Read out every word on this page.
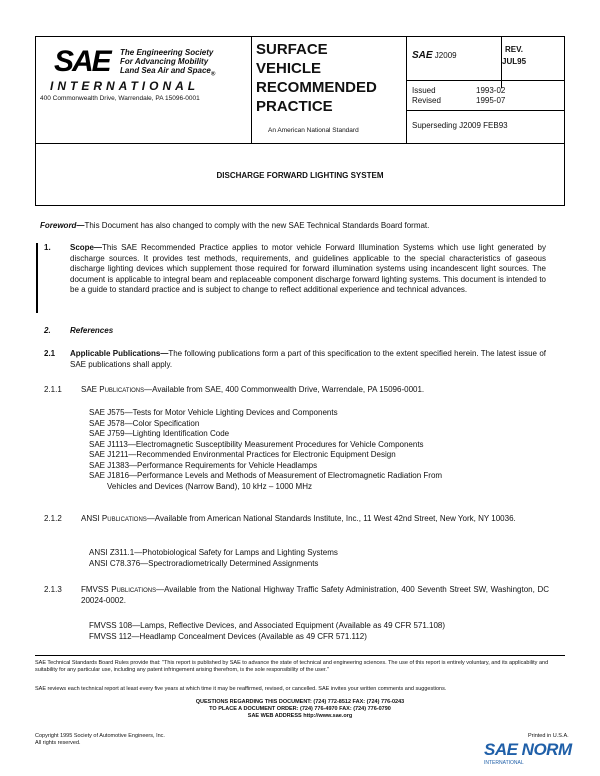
SAE The Engineering Society
For Advancing Mobility
Land Sea Air and Space$_®$
INTERNATIONAL
400 Commonwealth Drive, Warrendale, PA 15096-0001
SURFACE
VEHICLE
RECOMMENDED
PRACTICE
An American National Standard
SAE J2009
REV.
JUL95
Issued	1993-02
Revised	1995-07
Superseding J2009 FEB93
DISCHARGE FORWARD LIGHTING SYSTEM
Foreword—This Document has also changed to comply with the new SAE Technical Standards Board format.
1. Scope—This SAE Recommended Practice applies to motor vehicle Forward Illumination Systems which use light generated by discharge sources. It provides test methods, requirements, and guidelines applicable to the special characteristics of gaseous discharge lighting devices which supplement those required for forward illumination systems using incandescent light sources. The document is applicable to integral beam and replaceable component discharge forward lighting systems. This document is intended to be a guide to standard practice and is subject to change to reflect additional experience and technical advances.
2. References
2.1 Applicable Publications—The following publications form a part of this specification to the extent specified herein. The latest issue of SAE publications shall apply.
2.1.1 SAE Publications—Available from SAE, 400 Commonwealth Drive, Warrendale, PA 15096-0001.
SAE J575—Tests for Motor Vehicle Lighting Devices and Components
SAE J578—Color Specification
SAE J759—Lighting Identification Code
SAE J1113—Electromagnetic Susceptibility Measurement Procedures for Vehicle Components
SAE J1211—Recommended Environmental Practices for Electronic Equipment Design
SAE J1383—Performance Requirements for Vehicle Headlamps
SAE J1816—Performance Levels and Methods of Measurement of Electromagnetic Radiation From
Vehicles and Devices (Narrow Band), 10 kHz – 1000 MHz
2.1.2 ANSI Publications—Available from American National Standards Institute, Inc., 11 West 42nd Street, New York, NY 10036.
ANSI Z311.1—Photobiological Safety for Lamps and Lighting Systems
ANSI C78.376—Spectroradiometrically Determined Assignments
2.1.3 FMVSS Publications—Available from the National Highway Traffic Safety Administration, 400 Seventh Street SW, Washington, DC 20024-0002.
FMVSS 108—Lamps, Reflective Devices, and Associated Equipment (Available as 49 CFR 571.108)
FMVSS 112—Headlamp Concealment Devices (Available as 49 CFR 571.112)
SAE Technical Standards Board Rules provide that: "This report is published by SAE to advance the state of technical and engineering sciences. The use of this report is entirely voluntary, and its applicability and suitability for any particular use, including any patent infringement arising therefrom, is the sole responsibility of the user."
SAE reviews each technical report at least every five years at which time it may be reaffirmed, revised, or cancelled. SAE invites your written comments and suggestions.
QUESTIONS REGARDING THIS DOCUMENT: (724) 772-8512 FAX: (724) 776-0243
TO PLACE A DOCUMENT ORDER: (724) 776-4970 FAX: (724) 776-0790
SAE WEB ADDRESS http://www.sae.org
Copyright 1995 Society of Automotive Engineers, Inc.
All rights reserved.
Printed in U.S.A.
SAE NORM
INTERNATIONAL
